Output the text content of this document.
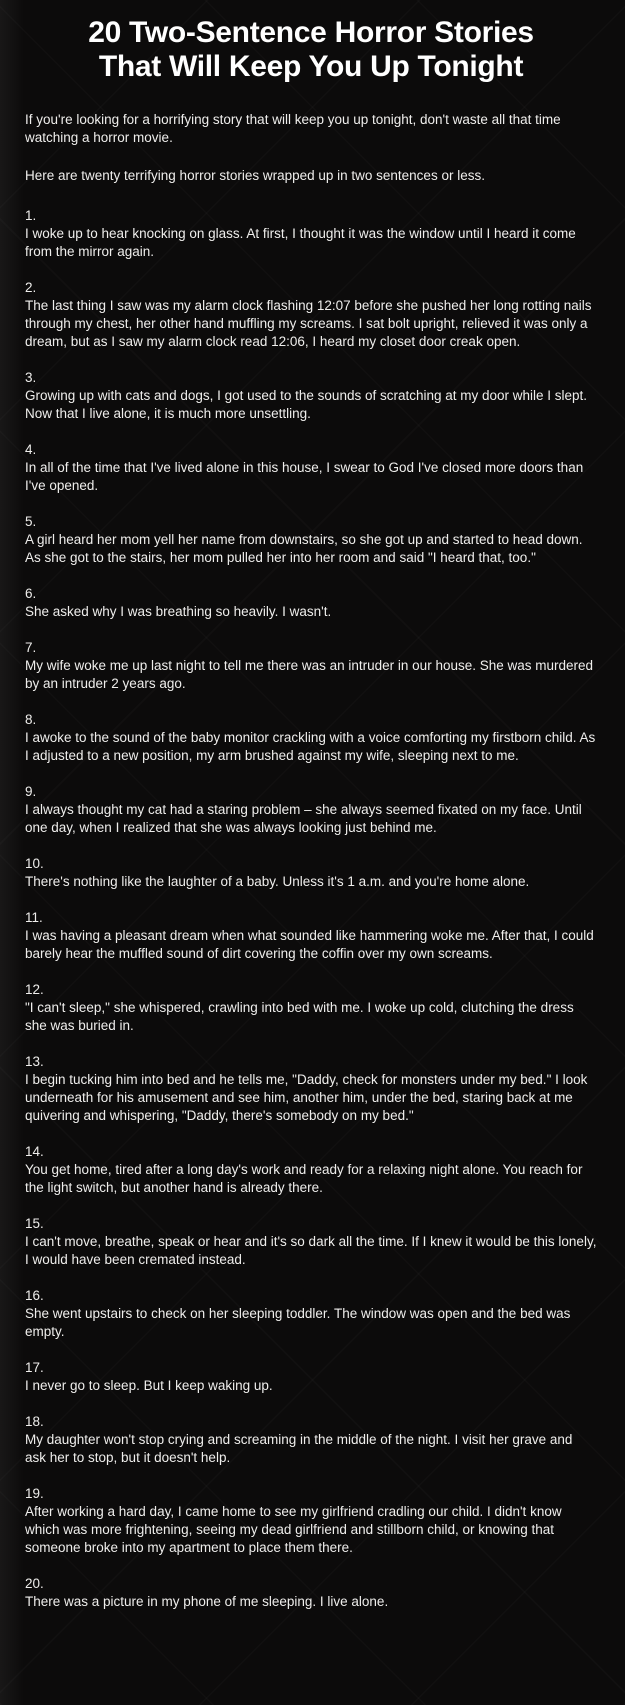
20 Two-Sentence Horror Stories
That Will Keep You Up Tonight

If you're looking for a horrifying story that will keep you up tonight, don't waste all that time watching a horror movie.

Here are twenty terrifying horror stories wrapped up in two sentences or less.

1.
I woke up to hear knocking on glass. At first, I thought it was the window until I heard it come from the mirror again.
2.
The last thing I saw was my alarm clock flashing 12:07 before she pushed her long rotting nails through my chest, her other hand muffling my screams. I sat bolt upright, relieved it was only a dream, but as I saw my alarm clock read 12:06, I heard my closet door creak open.
3.
Growing up with cats and dogs, I got used to the sounds of scratching at my door while I slept. Now that I live alone, it is much more unsettling.
4.
In all of the time that I've lived alone in this house, I swear to God I've closed more doors than I've opened.
5.
A girl heard her mom yell her name from downstairs, so she got up and started to head down. As she got to the stairs, her mom pulled her into her room and said "I heard that, too."
6.
She asked why I was breathing so heavily. I wasn't.
7.
My wife woke me up last night to tell me there was an intruder in our house. She was murdered by an intruder 2 years ago.
8.
I awoke to the sound of the baby monitor crackling with a voice comforting my firstborn child. As I adjusted to a new position, my arm brushed against my wife, sleeping next to me.
9.
I always thought my cat had a staring problem – she always seemed fixated on my face. Until one day, when I realized that she was always looking just behind me.
10.
There's nothing like the laughter of a baby. Unless it's 1 a.m. and you're home alone.
11.
I was having a pleasant dream when what sounded like hammering woke me. After that, I could barely hear the muffled sound of dirt covering the coffin over my own screams.
12.
"I can't sleep," she whispered, crawling into bed with me. I woke up cold, clutching the dress she was buried in.
13.
I begin tucking him into bed and he tells me, "Daddy, check for monsters under my bed." I look underneath for his amusement and see him, another him, under the bed, staring back at me quivering and whispering, "Daddy, there's somebody on my bed."
14.
You get home, tired after a long day's work and ready for a relaxing night alone. You reach for the light switch, but another hand is already there.
15.
I can't move, breathe, speak or hear and it's so dark all the time. If I knew it would be this lonely, I would have been cremated instead.
16.
She went upstairs to check on her sleeping toddler. The window was open and the bed was empty.
17.
I never go to sleep. But I keep waking up.
18.
My daughter won't stop crying and screaming in the middle of the night. I visit her grave and ask her to stop, but it doesn't help.
19.
After working a hard day, I came home to see my girlfriend cradling our child. I didn't know which was more frightening, seeing my dead girlfriend and stillborn child, or knowing that someone broke into my apartment to place them there.
20.
There was a picture in my phone of me sleeping. I live alone.
